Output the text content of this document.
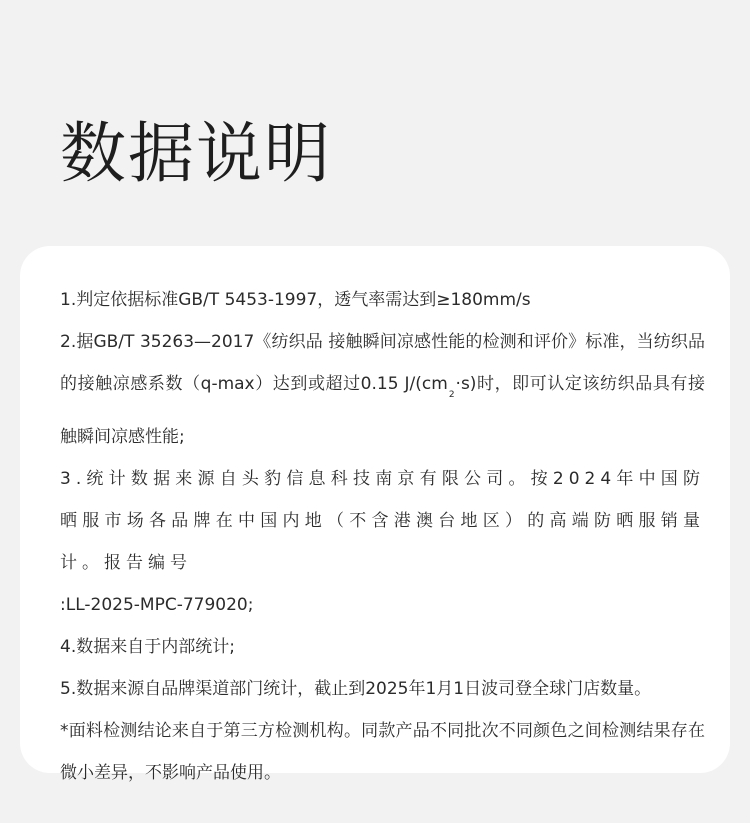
数据说明
1.判定依据标准GB/T 5453-1997，透气率需达到≥180mm/s
2.据GB/T 35263—2017《纺织品 接触瞬间凉感性能的检测和评价》标准，当纺织品的接触凉感系数（q-max）达到或超过0.15 $J/(cm_2\cdot s)$时，即可认定该纺织品具有接触瞬间凉感性能;
3.统计数据来源自头豹信息科技南京有限公司。按2024年中国防晒服市场各品牌在中国内地（不含港澳台地区）的高端防晒服销量计。报告编号
:LL-2025-MPC-779020;
4.数据来自于内部统计;
5.数据来源自品牌渠道部门统计，截止到2025年1月1日波司登全球门店数量。
*面料检测结论来自于第三方检测机构。同款产品不同批次不同颜色之间检测结果存在微小差异，不影响产品使用。
